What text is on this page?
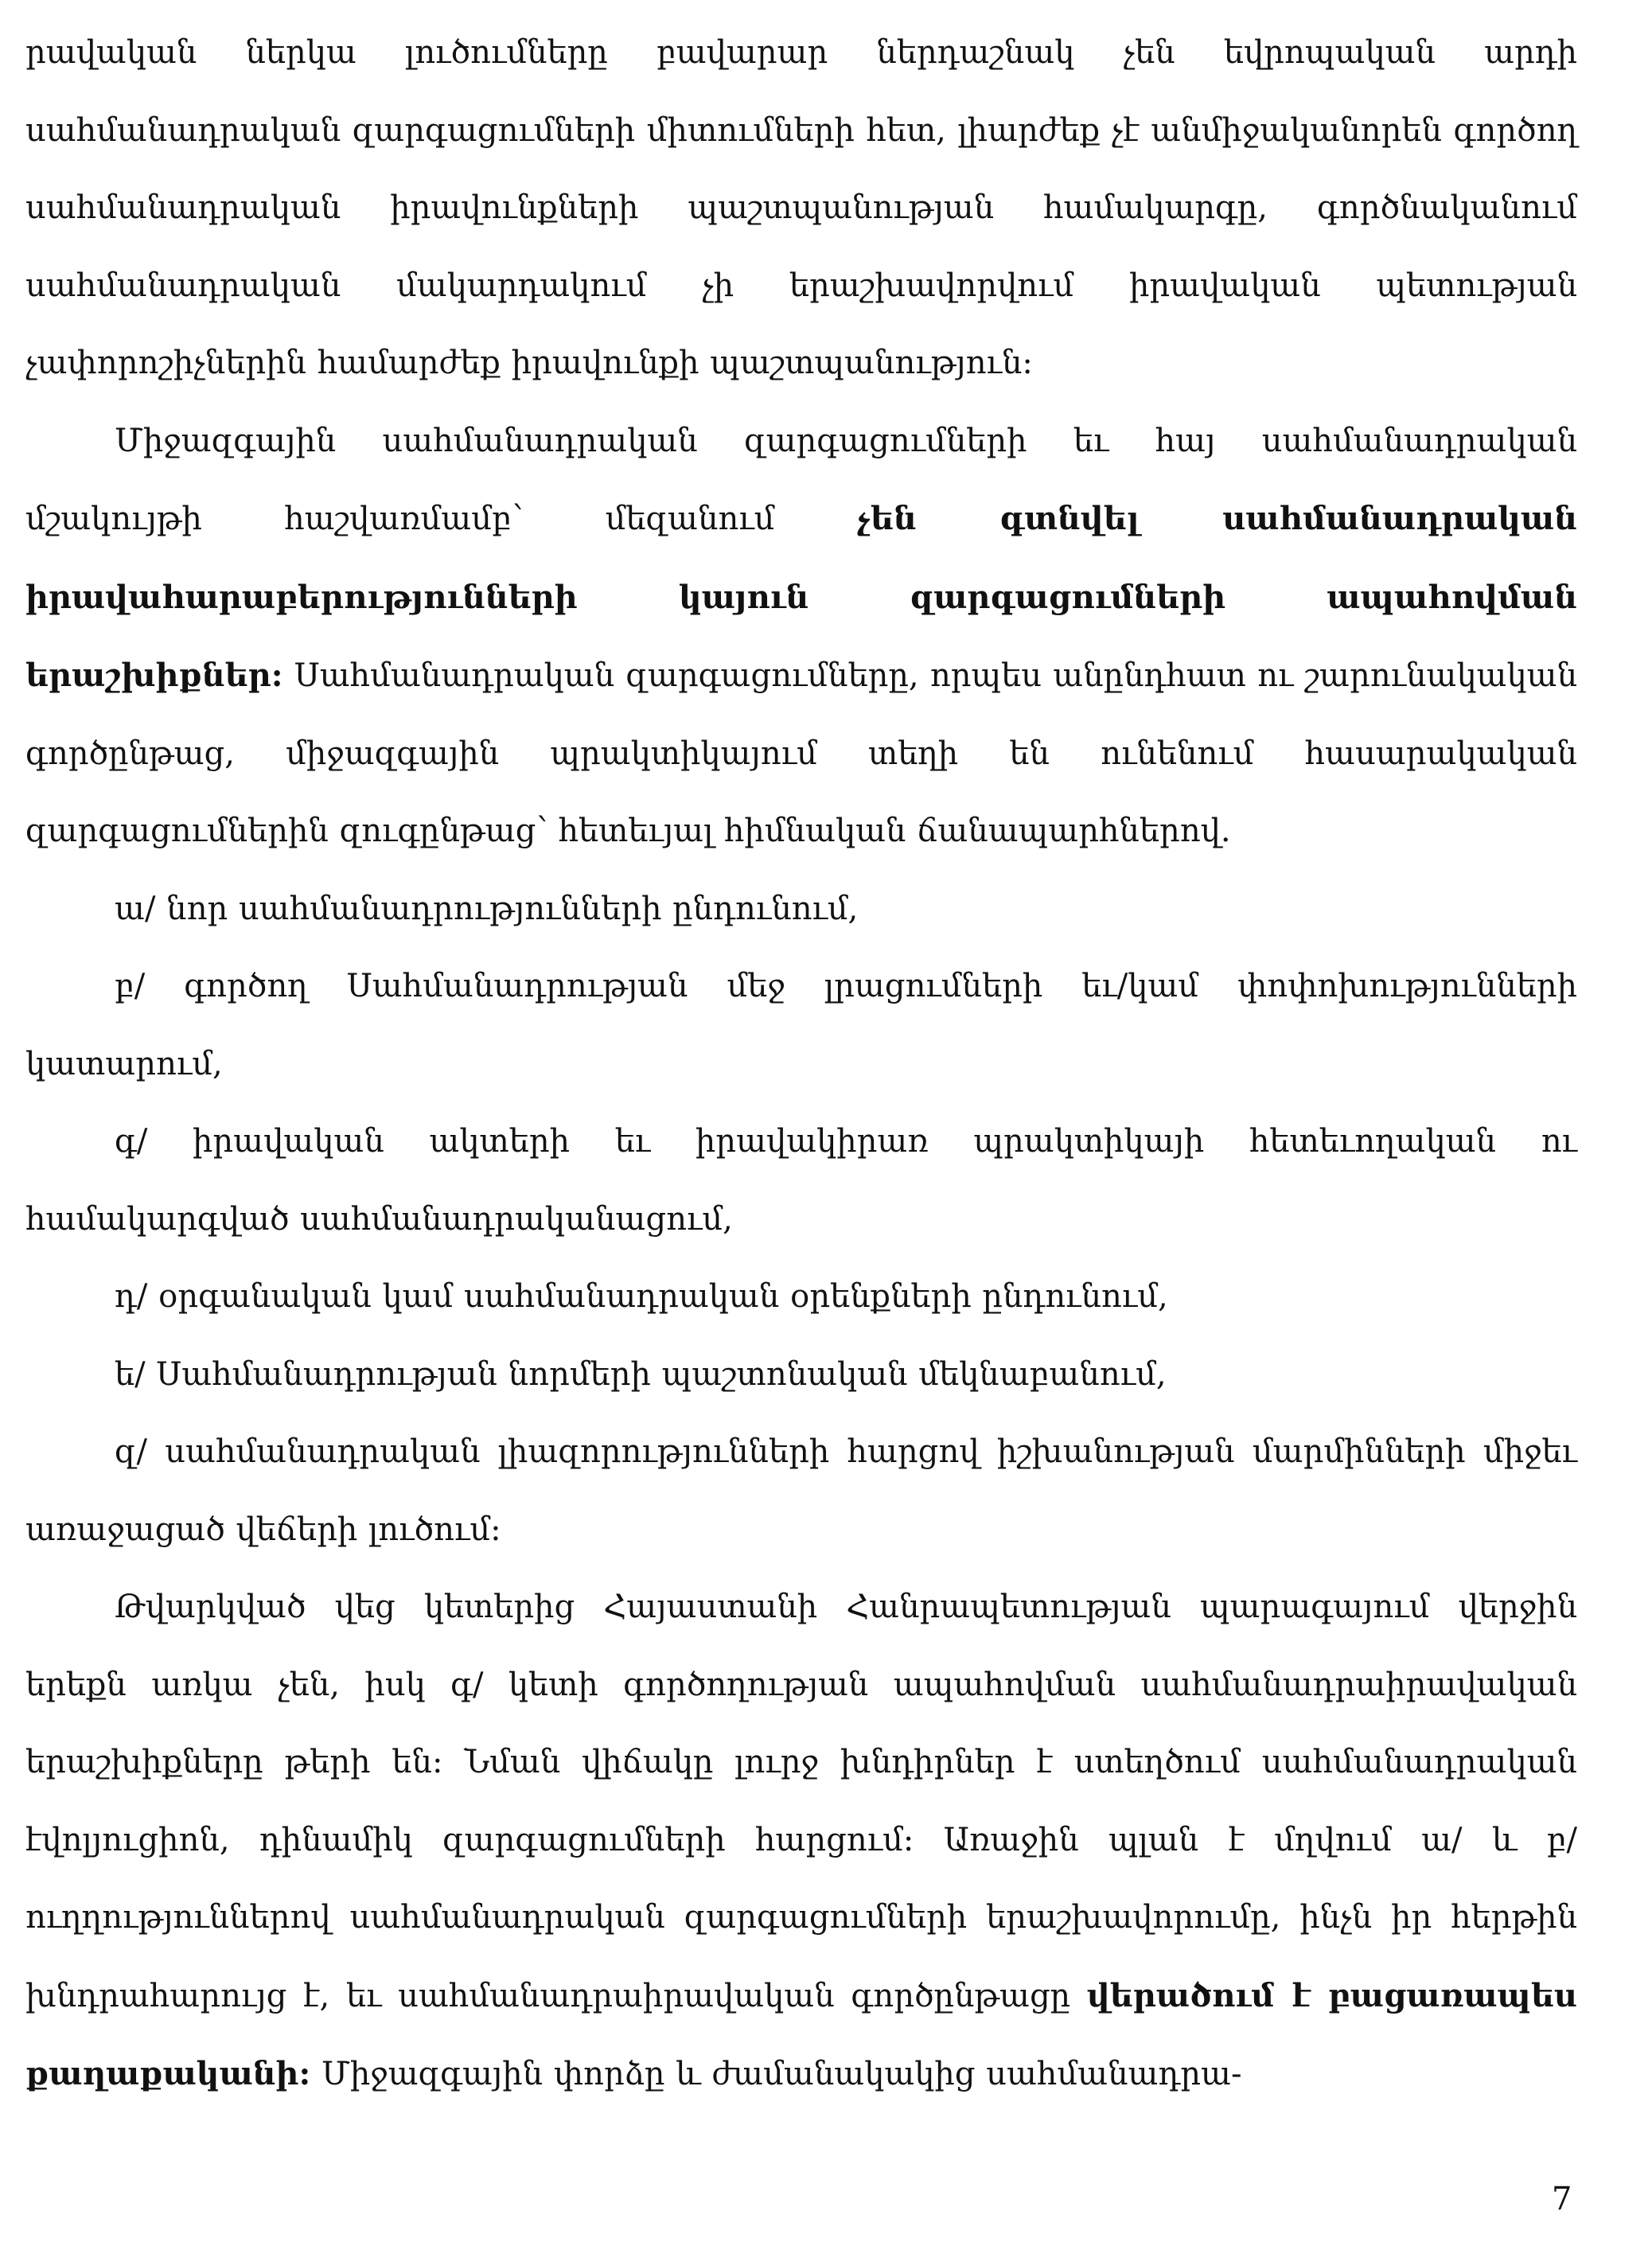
րավական ներկա լուծումները բավարար ներդաշնակ չեն եվրոպական արդի սահմանադրական զարգացումների միտումների հետ, լիարժեք չէ անմիջականորեն գործող սահմանադրական իրավունքների պաշտպանության համակարգը, գործնականում սահմանադրական մակարդակում չի երաշխավորվում իրավական պետության չափորոշիչներին համարժեք իրավունքի պաշտպանություն:

Միջազգային սահմանադրական զարգացումների եւ հայ սահմանադրական մշակույթի հաշվառմամբ՝ մեզանում չեն գտնվել սահմանադրական իրավահարաբերությունների կայուն զարգացումների ապահովման երաշխիքներ: Սահմանադրական զարգացումները, որպես անընդհատ ու շարունակական գործընթաց, միջազգային պրակտիկայում տեղի են ունենում հասարակական զարգացումներին զուգընթաց՝ հետեւյալ հիմնական ճանապարհներով.

ա/ նոր սահմանադրությունների ընդունում,

բ/ գործող Սահմանադրության մեջ լրացումների եւ/կամ փոփոխությունների կատարում,

գ/ իրավական ակտերի եւ իրավակիրառ պրակտիկայի հետեւողական ու համակարգված սահմանադրականացում,

դ/ օրգանական կամ սահմանադրական օրենքների ընդունում,

ե/ Սահմանադրության նորմերի պաշտոնական մեկնաբանում,

զ/ սահմանադրական լիազորությունների հարցով իշխանության մարմինների միջեւ առաջացած վեճերի լուծում:

Թվարկված վեց կետերից Հայաստանի Հանրապետության պարագայում վերջին երեքն առկա չեն, իսկ գ/ կետի գործողության ապահովման սահմանադրաիրավական երաշխիքները թերի են: Նման վիճակը լուրջ խնդիրներ է ստեղծում սահմանադրական էվոլյուցիոն, դինամիկ զարգացումների հարցում: Առաջին պլան է մղվում ա/ և բ/ ուղղություններով սահմանադրական զարգացումների երաշխավորումը, ինչն իր հերթին խնդրահարույց է, եւ սահմանադրաիրավական գործընթացը վերածում է բացառապես քաղաքականի: Միջազգային փորձը և ժամանակակից սահմանադրա-

7
